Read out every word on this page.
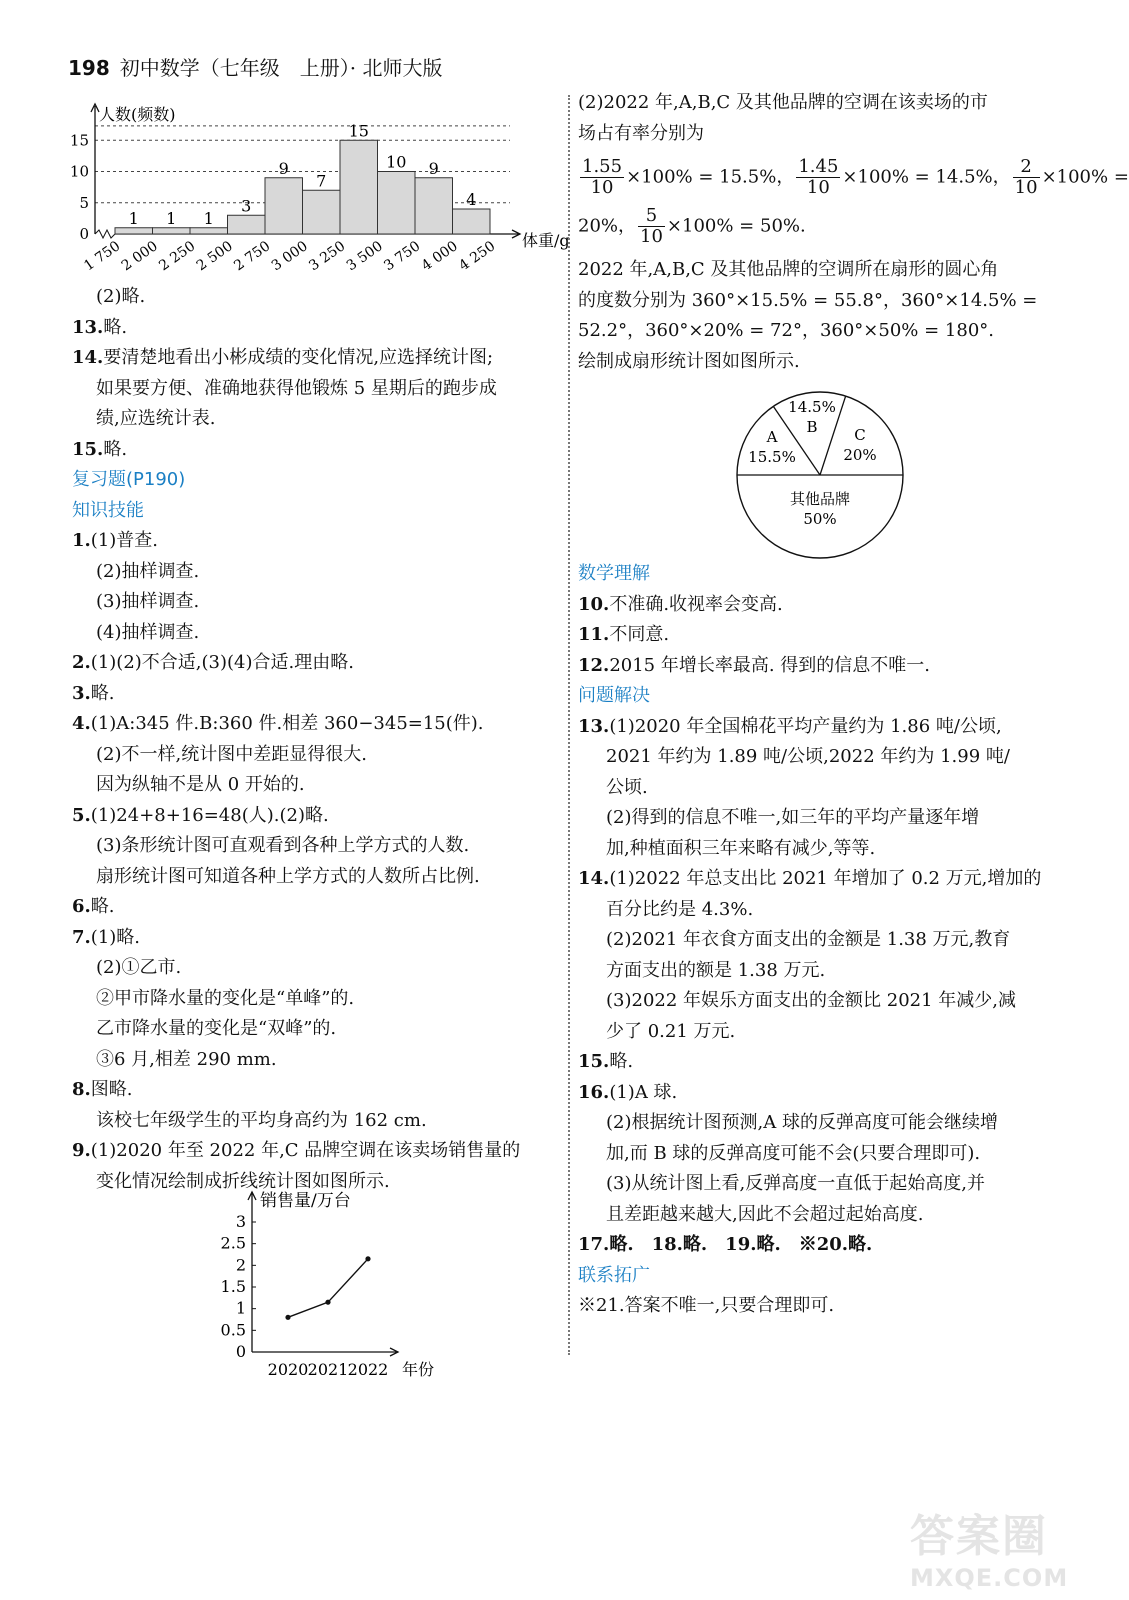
198 初中数学（七年级　上册）· 北师大版
0
5
10
15
1 1 1
3
9
7
15
10 9
4
1 750
2 000
2 250
2 500
2 750
3 000
3 250
3 500
3 750
4 000
4 250
人数(频数)
体重/g
(2)略.
13.略.
14.要清楚地看出小彬成绩的变化情况,应选择统计图;
如果要方便、准确地获得他锻炼 5 星期后的跑步成
绩,应选统计表.
15.略.
复习题(P190)
知识技能
1.(1)普查.
(2)抽样调查.
(3)抽样调查.
(4)抽样调查.
2.(1)(2)不合适,(3)(4)合适.理由略.
3.略.
4.(1)A:345 件.B:360 件.相差 360−345=15(件).
(2)不一样,统计图中差距显得很大.
因为纵轴不是从 0 开始的.
5.(1)24+8+16=48(人).(2)略.
(3)条形统计图可直观看到各种上学方式的人数.
扇形统计图可知道各种上学方式的人数所占比例.
6.略.
7.(1)略.
(2)①乙市.
②甲市降水量的变化是“单峰”的.
乙市降水量的变化是“双峰”的.
③6 月,相差 290 mm.
8.图略.
该校七年级学生的平均身高约为 162 cm.
9.(1)2020 年至 2022 年,C 品牌空调在该卖场销售量的
变化情况绘制成折线统计图如图所示.
0
0.5
1
1.5
2
2.5
3
2020 2021 2022 年份
销售量/万台
(2)2022 年,A,B,C 及其他品牌的空调在该卖场的市
场占有率分别为
$\frac{1.55}{10} \times 100\% = 15.5\%$， $\frac{1.45}{10} \times 100\% = 14.5\%$， $\frac{2}{10} \times 100\%$ =
20%， $\frac{5}{10} \times 100\% = 50\%$.
2022 年,A,B,C 及其他品牌的空调所在扇形的圆心角
的度数分别为 360°×15.5% = 55.8°，360°×14.5% =
52.2°，360°×20% = 72°，360°×50% = 180°.
绘制成扇形统计图如图所示.
数学理解
10.不准确.收视率会变高.
11.不同意.
12.2015 年增长率最高. 得到的信息不唯一.
问题解决
13.(1)2020 年全国棉花平均产量约为 1.86 吨/公顷,
2021 年约为 1.89 吨/公顷,2022 年约为 1.99 吨/
公顷.
(2)得到的信息不唯一,如三年的平均产量逐年增
加,种植面积三年来略有减少,等等.
14.(1)2022 年总支出比 2021 年增加了 0.2 万元,增加的
百分比约是 4.3%.
(2)2021 年衣食方面支出的金额是 1.38 万元,教育
方面支出的额是 1.38 万元.
(3)2022 年娱乐方面支出的金额比 2021 年减少,减
少了 0.21 万元.
15.略.
16.(1)A 球.
(2)根据统计图预测,A 球的反弹高度可能会继续增
加,而 B 球的反弹高度可能不会(只要合理即可).
(3)从统计图上看,反弹高度一直低于起始高度,并
且差距越来越大,因此不会超过起始高度.
17.略.　18.略.　19.略.　※20.略.
联系拓广
※21.答案不唯一,只要合理即可.
A
15.5%
14.5%
B C
20%
其他品牌
50%
答案圈
MXQE.COM
